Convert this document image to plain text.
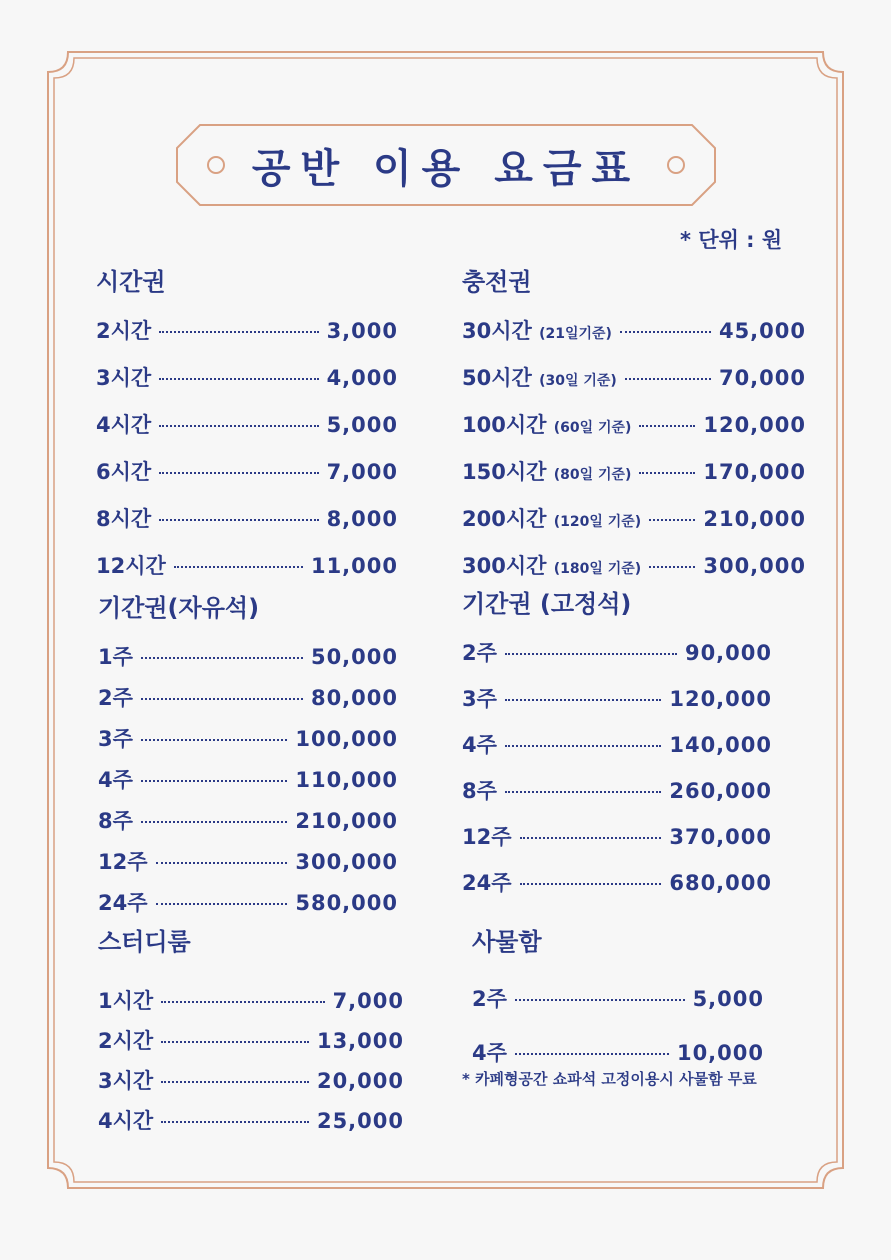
공반 이용 요금표
* 단위 : 원
시간권
2시간	3,000
3시간	4,000
4시간	5,000
6시간	7,000
8시간	8,000
12시간	11,000
충전권
30시간 (21일기준)	45,000
50시간 (30일 기준)	70,000
100시간 (60일 기준)	120,000
150시간 (80일 기준)	170,000
200시간 (120일 기준)	210,000
300시간 (180일 기준)	300,000
기간권(자유석)
1주	50,000
2주	80,000
3주	100,000
4주	110,000
8주	210,000
12주	300,000
24주	580,000
기간권 (고정석)
2주	90,000
3주	120,000
4주	140,000
8주	260,000
12주	370,000
24주	680,000
스터디룸
1시간	7,000
2시간	13,000
3시간	20,000
4시간	25,000
사물함
2주	5,000
4주	10,000
* 카페형공간 쇼파석 고정이용시 사물함 무료
